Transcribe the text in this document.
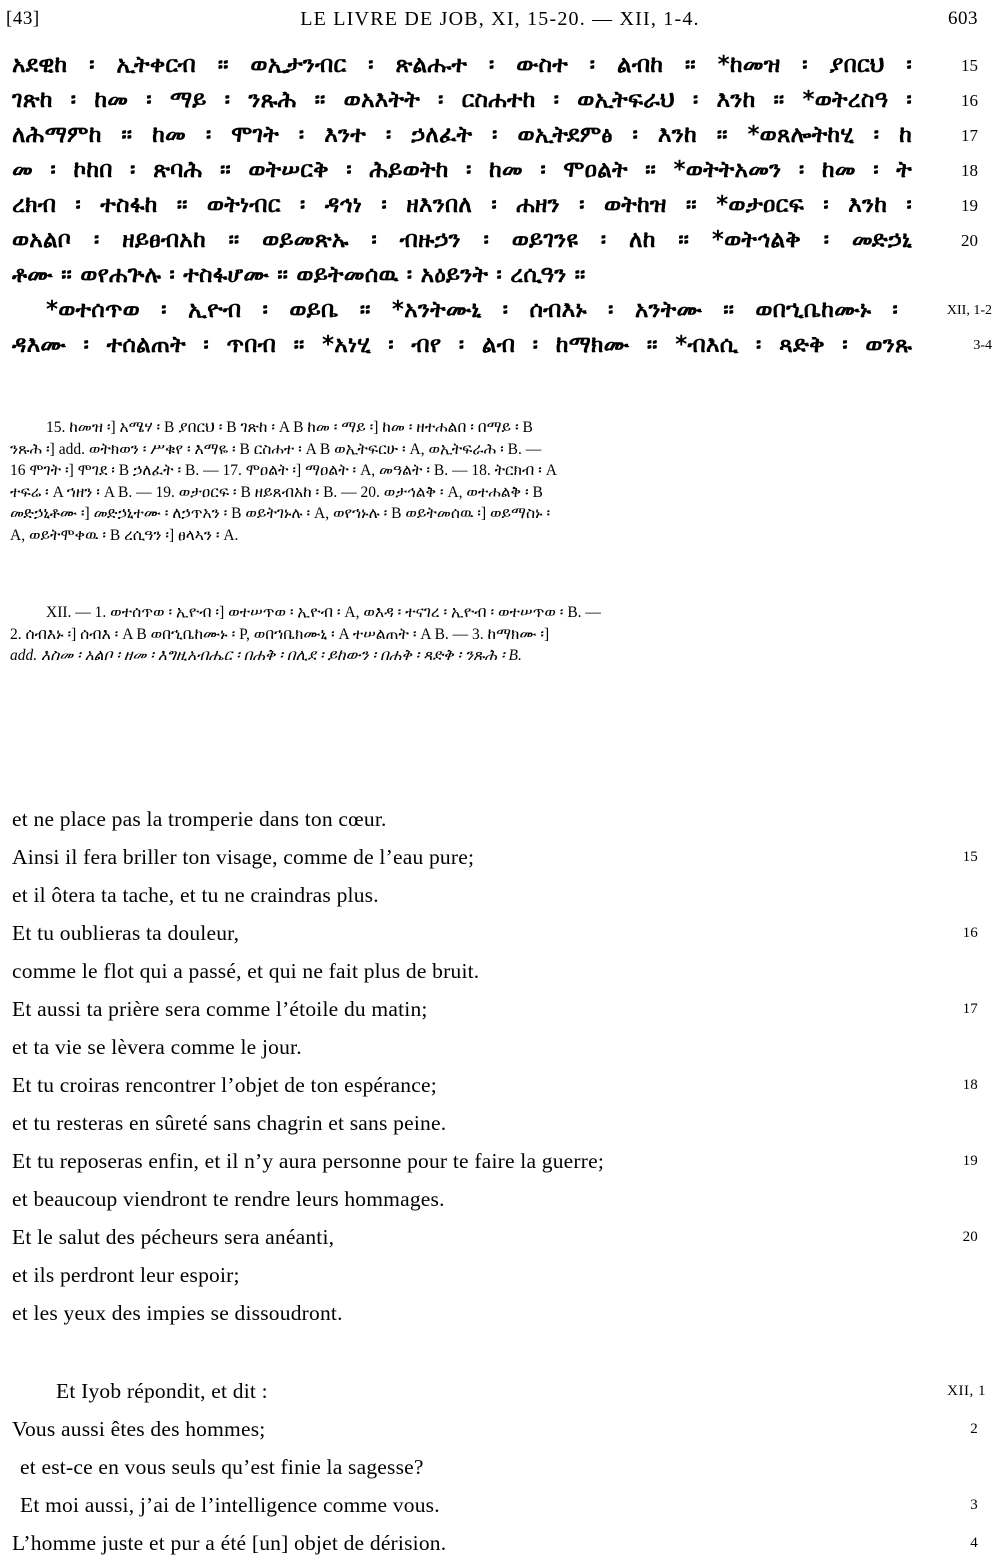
[43]	LE LIVRE DE JOB, XI, 15-20. — XII, 1-4.	603
አደዊከ ፡ ኢትቀርብ ። ወኢታንብር ፡ ጽልሑተ ፡ ውስተ ፡ ልብከ ። *ከመዝ ፡ ያበርህ ፡	15
ገጽከ ፡ ከመ ፡ ማይ ፡ ንጹሕ ። ወአእትት ፡ ርስሐተከ ፡ ወኢትፍራህ ፡ እንከ ። *ወትረስዓ ፡	16
ለሕማምከ ። ከመ ፡ ሞገት ፡ እንተ ፡ ኃለፈት ፡ ወኢትደምፅ ፡ እንከ ። *ወጸሎትከሂ ፡ ከ	17
መ ፡ ኮከበ ፡ ጽባሕ ። ወትሠርቅ ፡ ሕይወትከ ፡ ከመ ፡ ሞዐልት ። *ወትትአመን ፡ ከመ ፡ ት	18
ረክብ ፡ ተስፋከ ። ወትነብር ፡ ዳኅነ ፡ ዘእንበለ ፡ ሐዘን ፡ ወትከዝ ። *ወታዐርፍ ፡ እንከ ፡	19
ወአልቦ ፡ ዘይፀብአከ ። ወይመጽኡ ፡ ብዙኃን ፡ ወይገንዩ ፡ ለከ ። *ወትኅልቅ ፡ መድኃኒ	20
ቶሙ ። ወየሐጕሉ ፡ ተስፋሆሙ ። ወይትመሰዉ ፡ አዕይንት ፡ ረሲዓን ።
*ወተሰጥወ ፡ ኢዮብ ፡ ወይቤ ። *አንትሙኒ ፡ ሰብእኑ ፡ አንትሙ ። ወበኂቤከሙኑ ፡	XII, 1-2
ዳእሙ ፡ ተሰልጠት ፡ ጥበብ ። *አነሂ ፡ ብየ ፡ ልብ ፡ ከማክሙ ። *ብእሲ ፡ ጻድቅ ፡ ወንጹ	3-4

15. ከመዝ ፡] አሜሃ ፡ B ያበርህ ፡ B ገጽከ ፡ A B ከመ ፡ ማይ ፡] ከመ ፡ ዘተሐልበ ፡ በማይ ፡ B

ንጹሕ ፡] add. ወትክወን ፡ ሥቁየ ፡ እማዬ ፡ B ርስሐተ ፡ A B ወኢትፍርሁ ፡ A, ወኢትፍራሕ ፡ B. —

16 ሞገት ፡] ሞገደ ፡ B ኃለፈት ፡ B. — 17. ሞዐልት ፡] ማዐልት ፡ A, መዓልት ፡ B. — 18. ትርክብ ፡ A

ተፍሬ ፡ A ኀዘን ፡ A B. — 19. ወታዐርፍ ፡ B ዘይጸብአከ ፡ B. — 20. ወታኅልቅ ፡ A, ወተሐልቅ ፡ B

መድኃኒቶሙ ፡] መድኃኒተሙ ፡ ለኃጥአን ፡ B ወይትገኑሉ ፡ A, ወየኀኑሉ ፡ B ወይትመሰዉ ፡] ወይማስኑ ፡

A, ወይትሞቀዉ ፡ B ረሲዓን ፡] ፀላኣን ፡ A.

XII. — 1. ወተሰጥወ ፡ ኢዮብ ፡] ወተሠጥወ ፡ ኢዮብ ፡ A, ወእዳ ፡ ተናገረ ፡ ኢዮብ ፡ ወተሠጥወ ፡ B. —

2. ሰብእኑ ፡] ሰብእ ፡ A B ወበኂቤከሙኑ ፡ P, ወበኀቤክሙኒ ፡ A ተሠልጠት ፡ A B. — 3. ከማክሙ ፡]

add. እስመ ፡ አልቦ ፡ ዘመ ፡ እግዚአብሔር ፡ በሐቅ ፡ በሊደ ፡ ይከውን ፡ በሐቅ ፡ ጻድቅ ፡ ንጹሕ ፡ B.

et ne place pas la tromperie dans ton cœur.
Ainsi il fera briller ton visage, comme de l’eau pure;	15
et il ôtera ta tache, et tu ne craindras plus.
Et tu oublieras ta douleur,	16
comme le flot qui a passé, et qui ne fait plus de bruit.
Et aussi ta prière sera comme l’étoile du matin;	17
et ta vie se lèvera comme le jour.
Et tu croiras rencontrer l’objet de ton espérance;	18
et tu resteras en sûreté sans chagrin et sans peine.
Et tu reposeras enfin, et il n’y aura personne pour te faire la guerre;	19
et beaucoup viendront te rendre leurs hommages.
Et le salut des pécheurs sera anéanti,	20
et ils perdront leur espoir;
et les yeux des impies se dissoudront.
Et Iyob répondit, et dit :	XII, 1
Vous aussi êtes des hommes;	2
et est-ce en vous seuls qu’est finie la sagesse?
Et moi aussi, j’ai de l’intelligence comme vous.	3
L’homme juste et pur a été [un] objet de dérision.	4
